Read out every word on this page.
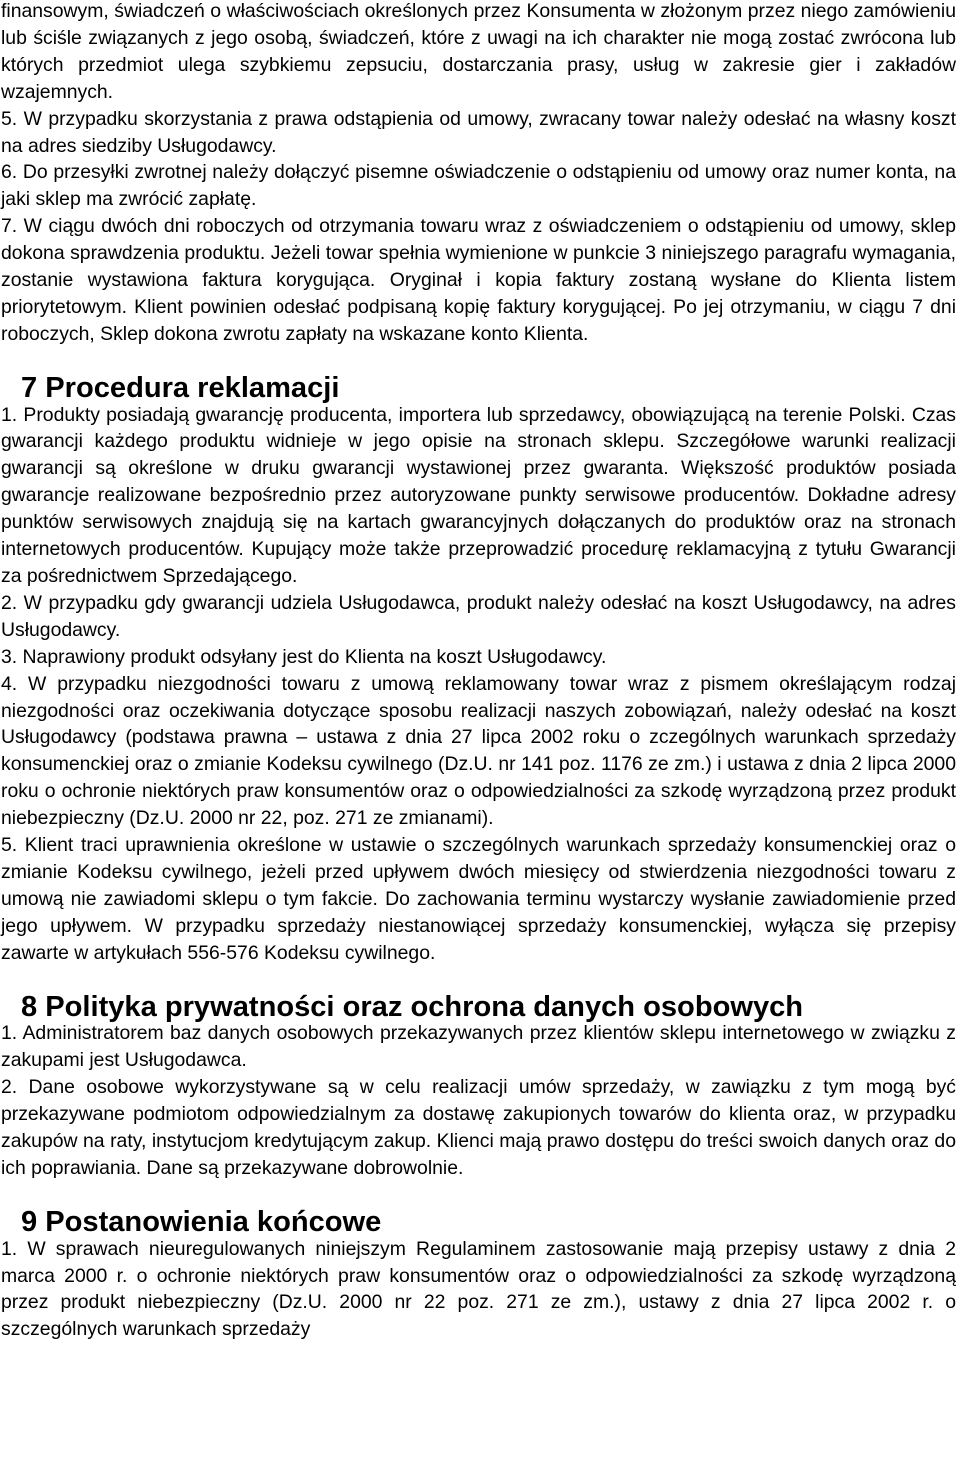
finansowym, świadczeń o właściwościach określonych przez Konsumenta w złożonym przez niego zamówieniu lub ściśle związanych z jego osobą, świadczeń, które z uwagi na ich charakter nie mogą zostać zwrócona lub których przedmiot ulega szybkiemu zepsuciu, dostarczania prasy, usług w zakresie gier i zakładów wzajemnych.

5. W przypadku skorzystania z prawa odstąpienia od umowy, zwracany towar należy odesłać na własny koszt na adres siedziby Usługodawcy.

6. Do przesyłki zwrotnej należy dołączyć pisemne oświadczenie o odstąpieniu od umowy oraz numer konta, na jaki sklep ma zwrócić zapłatę.

7. W ciągu dwóch dni roboczych od otrzymania towaru wraz z oświadczeniem o odstąpieniu od umowy, sklep dokona sprawdzenia produktu. Jeżeli towar spełnia wymienione w punkcie 3 niniejszego paragrafu wymagania, zostanie wystawiona faktura korygująca. Oryginał i kopia faktury zostaną wysłane do Klienta listem priorytetowym. Klient powinien odesłać podpisaną kopię faktury korygującej. Po jej otrzymaniu, w ciągu 7 dni roboczych, Sklep dokona zwrotu zapłaty na wskazane konto Klienta.

7 Procedura reklamacji

1. Produkty posiadają gwarancję producenta, importera lub sprzedawcy, obowiązującą na terenie Polski. Czas gwarancji każdego produktu widnieje w jego opisie na stronach sklepu. Szczegółowe warunki realizacji gwarancji są określone w druku gwarancji wystawionej przez gwaranta. Większość produktów posiada gwarancje realizowane bezpośrednio przez autoryzowane punkty serwisowe producentów. Dokładne adresy punktów serwisowych znajdują się na kartach gwarancyjnych dołączanych do produktów oraz na stronach internetowych producentów. Kupujący może także przeprowadzić procedurę reklamacyjną z tytułu Gwarancji za pośrednictwem Sprzedającego.

2. W przypadku gdy gwarancji udziela Usługodawca, produkt należy odesłać na koszt Usługodawcy, na adres Usługodawcy.

3. Naprawiony produkt odsyłany jest do Klienta na koszt Usługodawcy.

4. W przypadku niezgodności towaru z umową reklamowany towar wraz z pismem określającym rodzaj niezgodności oraz oczekiwania dotyczące sposobu realizacji naszych zobowiązań, należy odesłać na koszt Usługodawcy (podstawa prawna – ustawa z dnia 27 lipca 2002 roku o zczególnych warunkach sprzedaży konsumenckiej oraz o zmianie Kodeksu cywilnego (Dz.U. nr 141 poz. 1176 ze zm.) i ustawa z dnia 2 lipca 2000 roku o ochronie niektórych praw konsumentów oraz o odpowiedzialności za szkodę wyrządzoną przez produkt niebezpieczny (Dz.U. 2000 nr 22, poz. 271 ze zmianami).

5. Klient traci uprawnienia określone w ustawie o szczególnych warunkach sprzedaży konsumenckiej oraz o zmianie Kodeksu cywilnego, jeżeli przed upływem dwóch miesięcy od stwierdzenia niezgodności towaru z umową nie zawiadomi sklepu o tym fakcie. Do zachowania terminu wystarczy wysłanie zawiadomienie przed jego upływem. W przypadku sprzedaży niestanowiącej sprzedaży konsumenckiej, wyłącza się przepisy zawarte w artykułach 556-576 Kodeksu cywilnego.

8 Polityka prywatności oraz ochrona danych osobowych

1. Administratorem baz danych osobowych przekazywanych przez klientów sklepu internetowego w związku z zakupami jest Usługodawca.

2. Dane osobowe wykorzystywane są w celu realizacji umów sprzedaży, w zawiązku z tym mogą być przekazywane podmiotom odpowiedzialnym za dostawę zakupionych towarów do klienta oraz, w przypadku zakupów na raty, instytucjom kredytującym zakup. Klienci mają prawo dostępu do treści swoich danych oraz do ich poprawiania. Dane są przekazywane dobrowolnie.

9 Postanowienia końcowe

1. W sprawach nieuregulowanych niniejszym Regulaminem zastosowanie mają przepisy ustawy z dnia 2 marca 2000 r. o ochronie niektórych praw konsumentów oraz o odpowiedzialności za szkodę wyrządzoną przez produkt niebezpieczny (Dz.U. 2000 nr 22 poz. 271 ze zm.), ustawy z dnia 27 lipca 2002 r. o szczególnych warunkach sprzedaży
